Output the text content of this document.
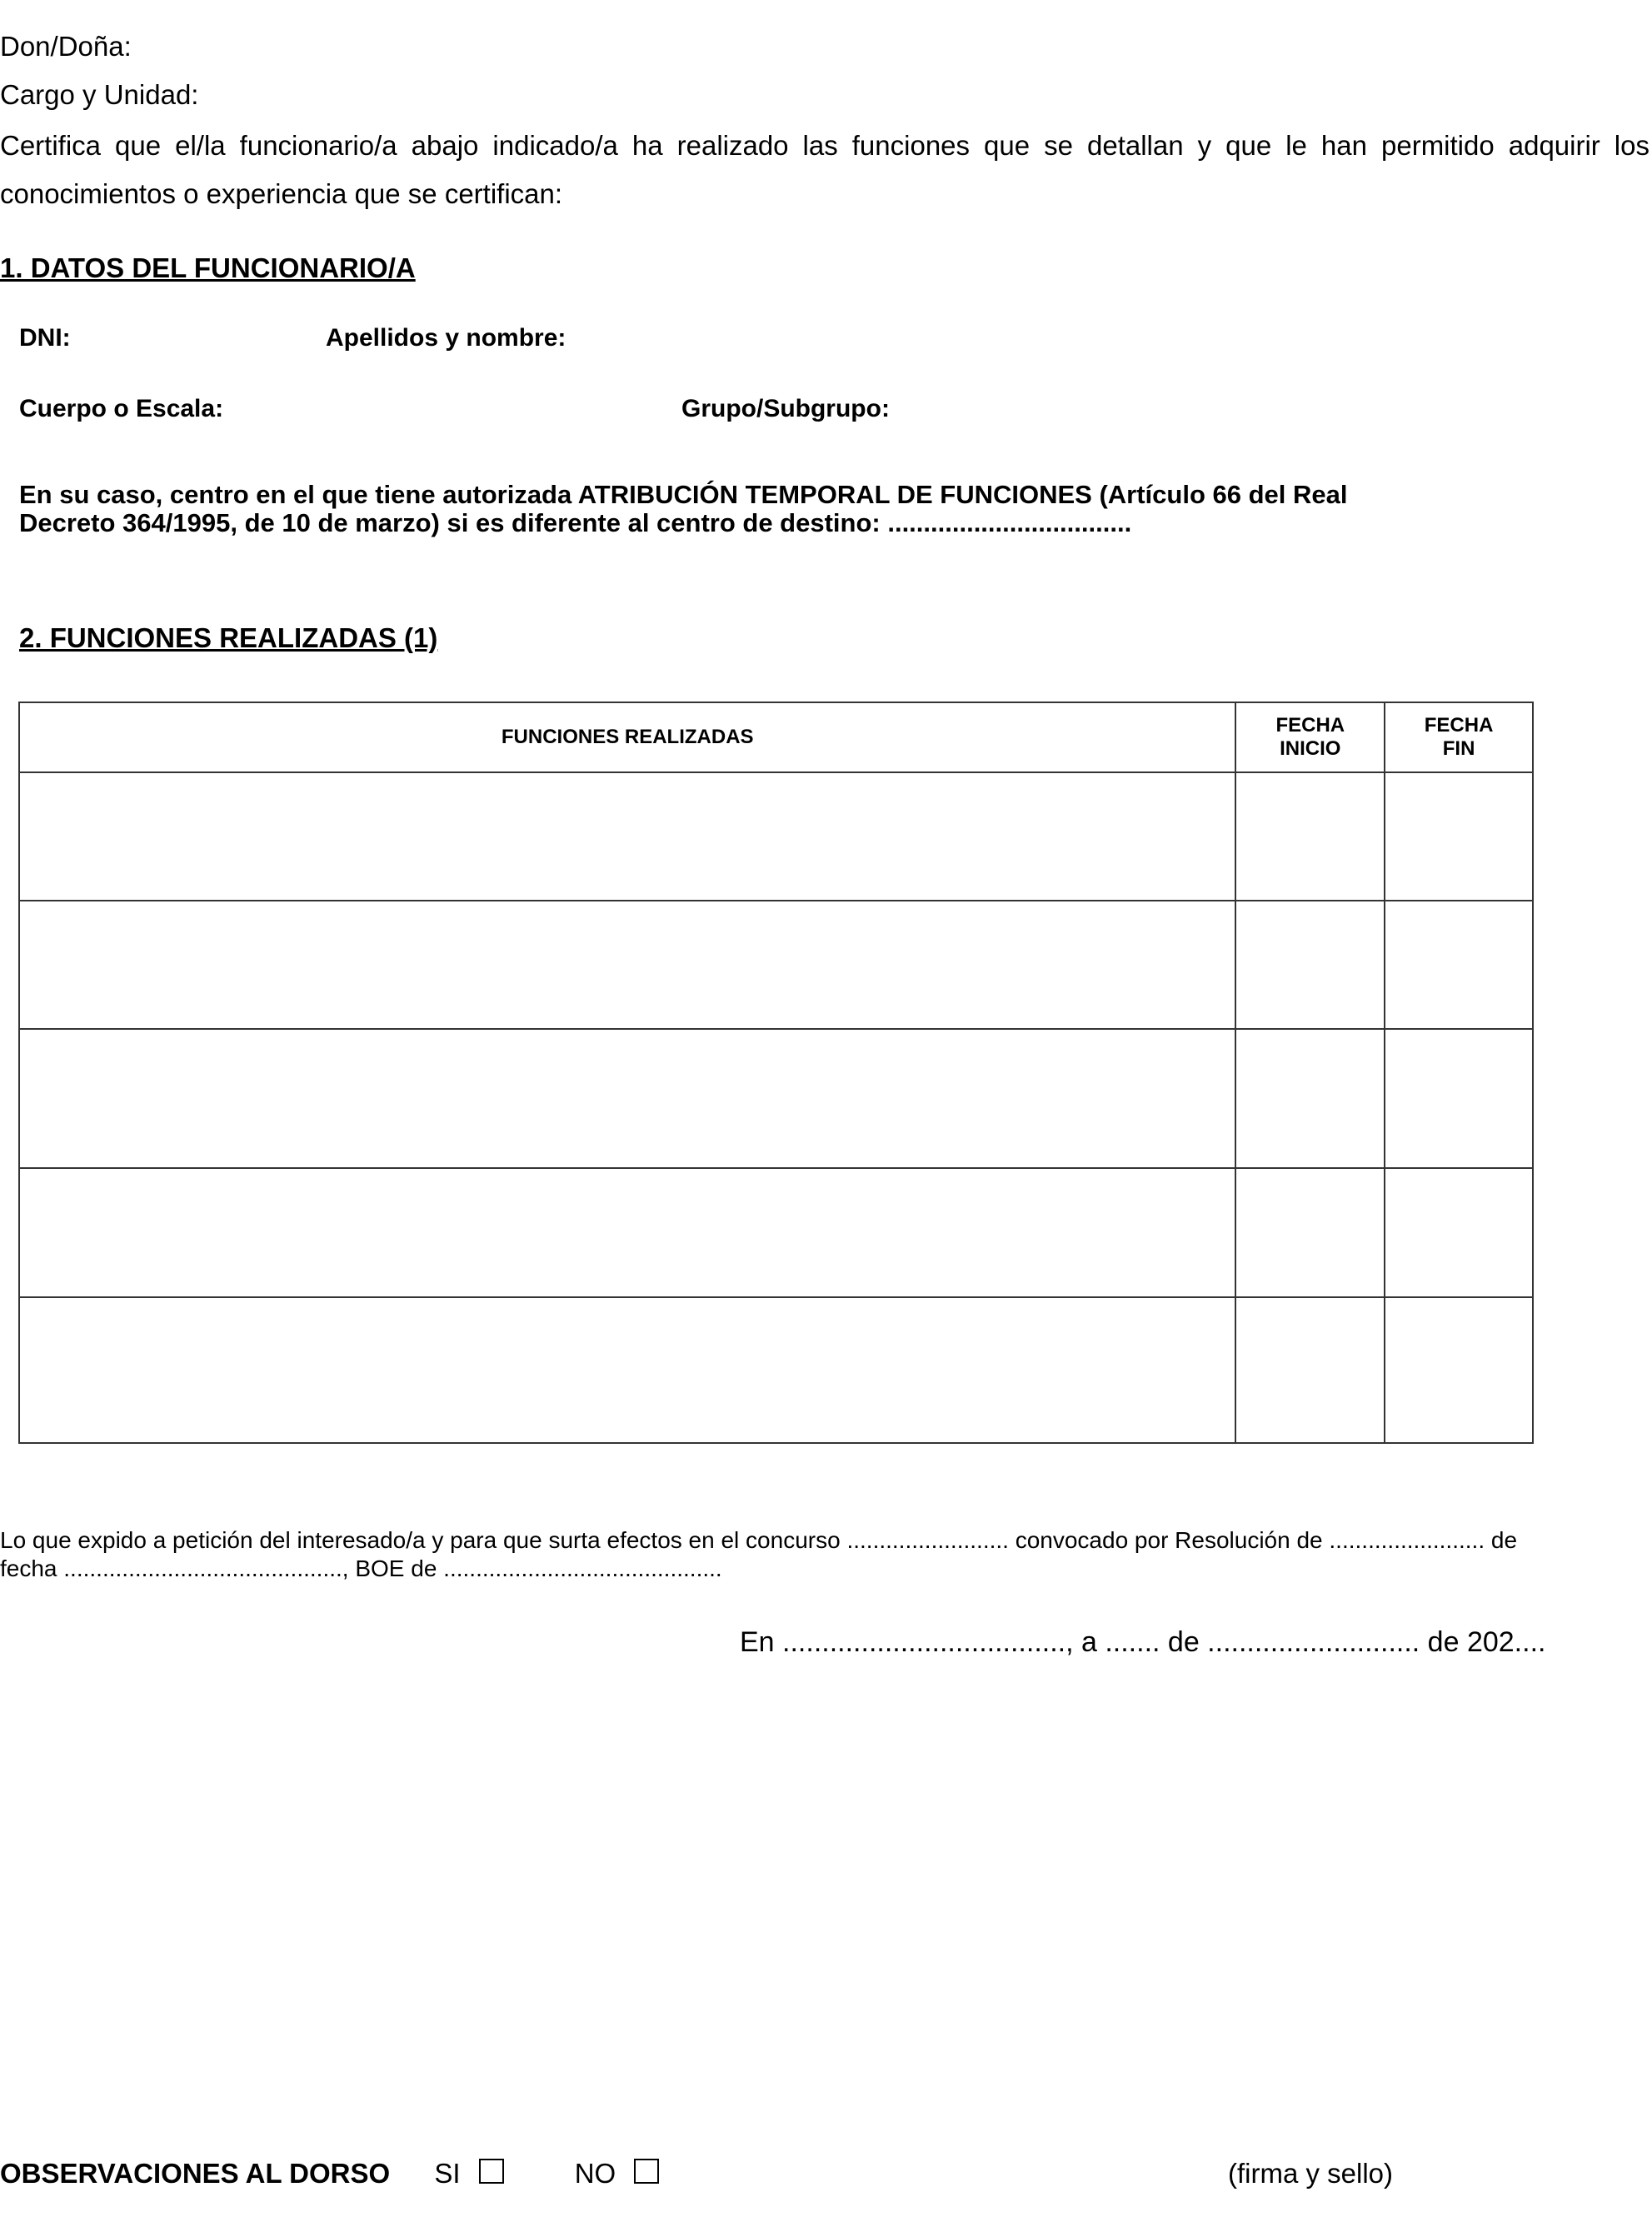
Don/Doña:
Cargo y Unidad:
Certifica que el/la funcionario/a abajo indicado/a ha realizado las funciones que se detallan y que le han permitido adquirir los conocimientos o experiencia que se certifican:
1. DATOS DEL FUNCIONARIO/A
DNI:	Apellidos y nombre:
Cuerpo o Escala:	Grupo/Subgrupo:
En su caso, centro en el que tiene autorizada ATRIBUCIÓN TEMPORAL DE FUNCIONES (Artículo 66 del Real Decreto 364/1995, de 10 de marzo) si es diferente al centro de destino: ..................................
2. FUNCIONES REALIZADAS (1)
FUNCIONES REALIZADAS	FECHA INICIO	FECHA FIN

Lo que expido a petición del interesado/a y para que surta efectos en el concurso ......................... convocado por Resolución de ........................ de fecha ..........................................., BOE de ...........................................
En ...................................., a ....... de ........................... de 202....
OBSERVACIONES AL DORSO SI	NO	(firma y sello)
